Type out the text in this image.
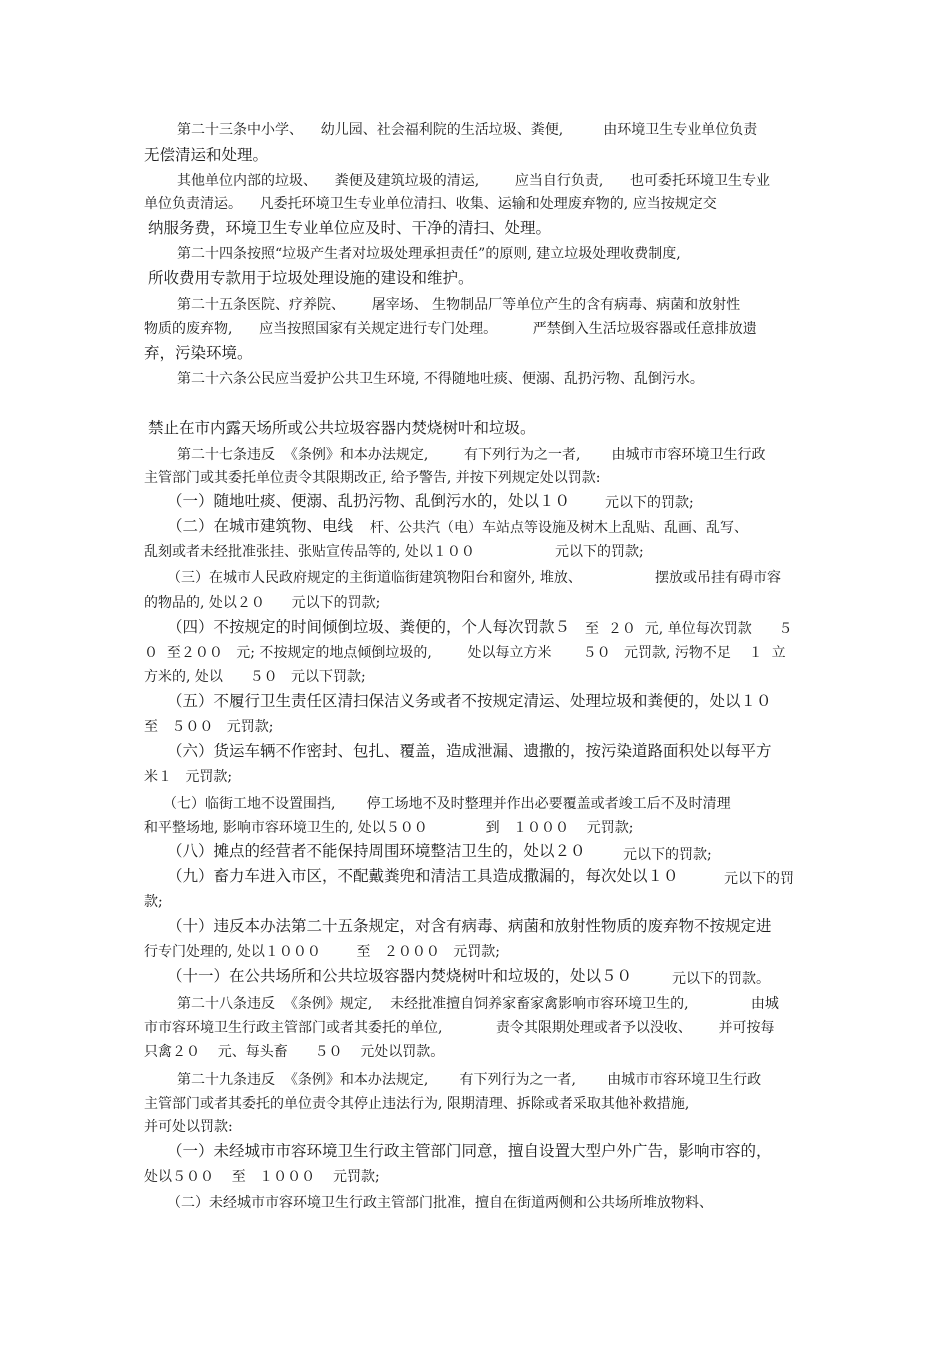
第二十三条中小学、    幼儿园、社会福利院的生活垃圾、粪便,         由环境卫生专业单位负责
无偿清运和处理。
其他单位内部的垃圾、    粪便及建筑垃圾的清运,        应当自行负责,      也可委托环境卫生专业
单位负责清运。    凡委托环境卫生专业单位清扫、收集、运输和处理废弃物的, 应当按规定交
纳服务费，环境卫生专业单位应及时、干净的清扫、处理。
第二十四条按照“垃圾产生者对垃圾处理承担责任”的原则, 建立垃圾处理收费制度,
所收费用专款用于垃圾处理设施的建设和维护。
第二十五条医院、疗养院、      屠宰场、 生物制品厂等单位产生的含有病毒、病菌和放射性
物质的废弃物,      应当按照国家有关规定进行专门处理。        严禁倒入生活垃圾容器或任意排放遗
弃，污染环境。
第二十六条公民应当爱护公共卫生环境, 不得随地吐痰、便溺、乱扔污物、乱倒污水。
禁止在市内露天场所或公共垃圾容器内焚烧树叶和垃圾。
第二十七条违反  《条例》和本办法规定,        有下列行为之一者,       由城市市容环境卫生行政
主管部门或其委托单位责令其限期改正, 给予警告, 并按下列规定处以罚款:
（一）随地吐痰、便溺、乱扔污物、乱倒污水的，处以１０ 元以下的罚款;
（二）在城市建筑物、电线 杆、公共汽（电）车站点等设施及树木上乱贴、乱画、乱写、
乱刻或者未经批准张挂、张贴宣传品等的, 处以１００	元以下的罚款;
（三）在城市人民政府规定的主街道临街建筑物阳台和窗外, 堆放、	摆放或吊挂有碍市容
的物品的, 处以２０      元以下的罚款;
（四）不按规定的时间倾倒垃圾、粪便的，个人每次罚款５ 至  ２０  元, 单位每次罚款      ５
０  至２００   元; 不按规定的地点倾倒垃圾的,        处以每立方米       ５０   元罚款, 污物不足    １  立
方米的, 处以      ５０   元以下罚款;
（五）不履行卫生责任区清扫保洁义务或者不按规定清运、处理垃圾和粪便的，处以１０
至   ５００   元罚款;
（六）货运车辆不作密封、包扎、覆盖，造成泄漏、遗撒的，按污染道路面积处以每平方
米１   元罚款;
（七）临街工地不设置围挡,       停工场地不及时整理并作出必要覆盖或者竣工后不及时清理
和平整场地, 影响市容环境卫生的, 处以５００             到   １０００    元罚款;
（八）摊点的经营者不能保持周围环境整洁卫生的，处以２０	元以下的罚款;
（九）畜力车进入市区，不配戴粪兜和清洁工具造成撒漏的，每次处以１０	元以下的罚
款;
（十）违反本办法第二十五条规定，对含有病毒、病菌和放射性物质的废弃物不按规定进
行专门处理的, 处以１０００        至   ２０００   元罚款;
（十一）在公共场所和公共垃圾容器内焚烧树叶和垃圾的，处以５０	元以下的罚款。
第二十八条违反  《条例》规定,    未经批准擅自饲养家畜家禽影响市容环境卫生的,              由城
市市容环境卫生行政主管部门或者其委托的单位,            责令其限期处理或者予以没收、      并可按每
只禽２０    元、每头畜      ５０    元处以罚款。
第二十九条违反  《条例》和本办法规定,       有下列行为之一者,       由城市市容环境卫生行政
主管部门或者其委托的单位责令其停止违法行为, 限期清理、拆除或者采取其他补救措施,
并可处以罚款:
（一）未经城市市容环境卫生行政主管部门同意，擅自设置大型户外广告，影响市容的，
处以５００    至   １０００    元罚款;
（二）未经城市市容环境卫生行政主管部门批准，擅自在街道两侧和公共场所堆放物料、
